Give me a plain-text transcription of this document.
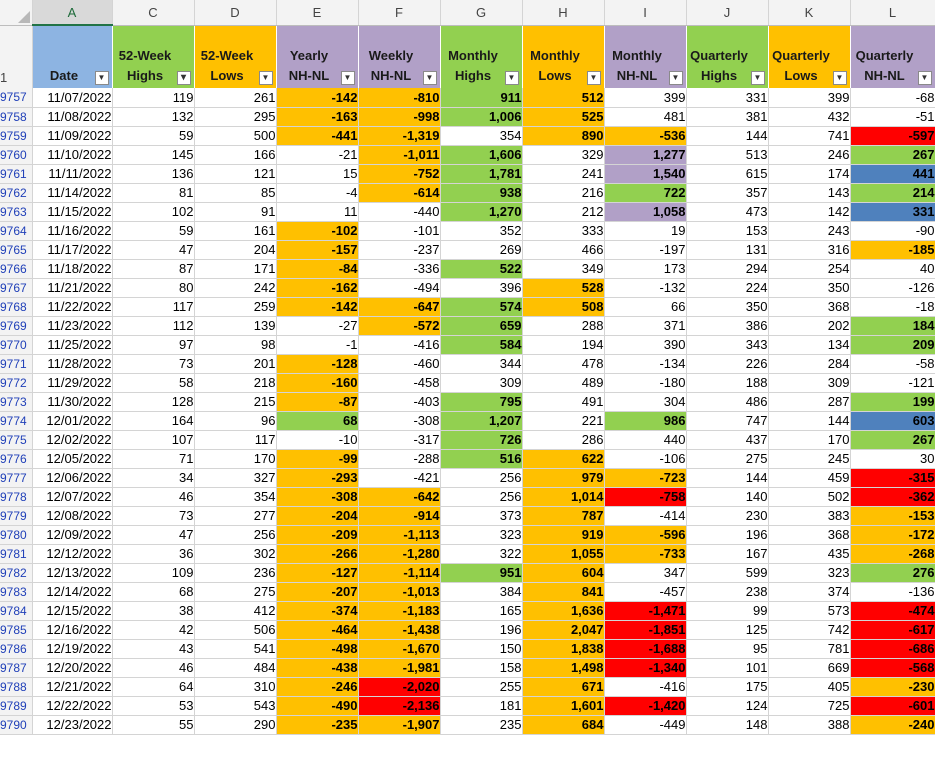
	A	C	D	E	F	G	H	I	J	K	L
1	Date ▼	52-Week Highs ▾	52-Week Lows ▼	Yearly NH-NL ▼	Weekly NH-NL ▼	Monthly Highs ▼	Monthly Lows ▼	Monthly NH-NL ▼	Quarterly Highs ▼	Quarterly Lows ▼	Quarterly NH-NL ▼

9757	11/07/2022	119	261	-142	-810	911	512	399	331	399	-68
9758	11/08/2022	132	295	-163	-998	1,006	525	481	381	432	-51
9759	11/09/2022	59	500	-441	-1,319	354	890	-536	144	741	-597
9760	11/10/2022	145	166	-21	-1,011	1,606	329	1,277	513	246	267
9761	11/11/2022	136	121	15	-752	1,781	241	1,540	615	174	441
9762	11/14/2022	81	85	-4	-614	938	216	722	357	143	214
9763	11/15/2022	102	91	11	-440	1,270	212	1,058	473	142	331
9764	11/16/2022	59	161	-102	-101	352	333	19	153	243	-90
9765	11/17/2022	47	204	-157	-237	269	466	-197	131	316	-185
9766	11/18/2022	87	171	-84	-336	522	349	173	294	254	40
9767	11/21/2022	80	242	-162	-494	396	528	-132	224	350	-126
9768	11/22/2022	117	259	-142	-647	574	508	66	350	368	-18
9769	11/23/2022	112	139	-27	-572	659	288	371	386	202	184
9770	11/25/2022	97	98	-1	-416	584	194	390	343	134	209
9771	11/28/2022	73	201	-128	-460	344	478	-134	226	284	-58
9772	11/29/2022	58	218	-160	-458	309	489	-180	188	309	-121
9773	11/30/2022	128	215	-87	-403	795	491	304	486	287	199
9774	12/01/2022	164	96	68	-308	1,207	221	986	747	144	603
9775	12/02/2022	107	117	-10	-317	726	286	440	437	170	267
9776	12/05/2022	71	170	-99	-288	516	622	-106	275	245	30
9777	12/06/2022	34	327	-293	-421	256	979	-723	144	459	-315
9778	12/07/2022	46	354	-308	-642	256	1,014	-758	140	502	-362
9779	12/08/2022	73	277	-204	-914	373	787	-414	230	383	-153
9780	12/09/2022	47	256	-209	-1,113	323	919	-596	196	368	-172
9781	12/12/2022	36	302	-266	-1,280	322	1,055	-733	167	435	-268
9782	12/13/2022	109	236	-127	-1,114	951	604	347	599	323	276
9783	12/14/2022	68	275	-207	-1,013	384	841	-457	238	374	-136
9784	12/15/2022	38	412	-374	-1,183	165	1,636	-1,471	99	573	-474
9785	12/16/2022	42	506	-464	-1,438	196	2,047	-1,851	125	742	-617
9786	12/19/2022	43	541	-498	-1,670	150	1,838	-1,688	95	781	-686
9787	12/20/2022	46	484	-438	-1,981	158	1,498	-1,340	101	669	-568
9788	12/21/2022	64	310	-246	-2,020	255	671	-416	175	405	-230
9789	12/22/2022	53	543	-490	-2,136	181	1,601	-1,420	124	725	-601
9790	12/23/2022	55	290	-235	-1,907	235	684	-449	148	388	-240
